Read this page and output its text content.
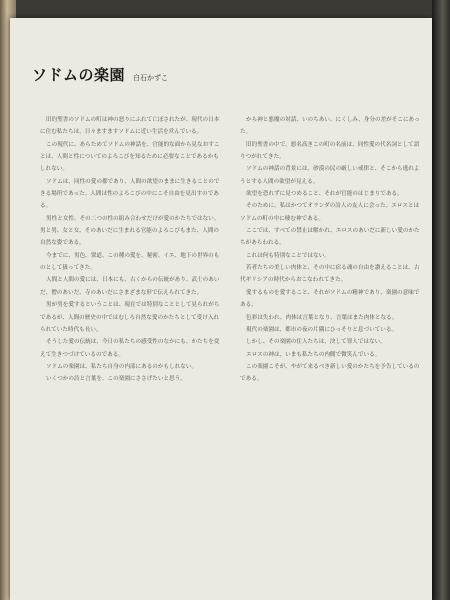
ソドムの楽園 白石かずこ

旧約聖書のソドムの町は神の怒りにふれて亡ぼされたが、現代の日本に住む私たちは、日々ますますソドムに近い生活を営んでいる。

この現代に、あらためてソドムの神話を、官能的な面から見なおすことは、人間と性についてのよろこびを知るために必要なことであるかもしれない。

ソドムは、同性の愛の都であり、人間の欲望のままに生きることのできる場所であった。人間は性のよろこびの中にこそ自由を見出すのである。

男性と女性、その二つの性の組み合わせだけが愛のかたちではない。男と男、女と女、そのあいだに生まれる官能のよろこびもまた、人間の自然な姿である。

今までに、男色、衆道、この種の愛を、秘密、イエ、地下の世界のものとして扱ってきた。

人間と人間の愛には、日本にも、古くからの伝統があり、武士のあいだ、僧のあいだ、寺のあいだにさまざまな形で伝えられてきた。

男が男を愛するということは、現在では特別なこととして見られがちであるが、人間の歴史の中ではむしろ自然な愛のかたちとして受け入れられていた時代も長い。

そうした愛の伝統は、今日の私たちの感受性のなかにも、かたちを変えて生きつづけているのである。

ソドムの楽園は、私たち自身の内部にあるのかもしれない。

いくつかの詩と言葉を、この楽園にささげたいと思う。

から神と悪魔の対話、いのちあい、にくしみ、身分の差がそこにあった。

旧約聖書の中で、悪名高きこの町の名前は、同性愛の代名詞として語りつがれてきた。

ソドムの神話の背景には、砂漠の民の厳しい戒律と、そこから逃れようとする人間の欲望が見える。

欲望を恐れずに見つめること、それが官能のはじまりである。

そのために、私はかつてオランダの詩人の友人に会った。エロスとはソドムの町の中に棲む神である。

ここでは、すべての禁止は解かれ、エロスのあいだに新しい愛のかたちがあらわれる。

これは何も特別なことではない。

若者たちの美しい肉体と、その中に宿る魂の自由を讃えることは、古代ギリシアの時代からおこなわれてきた。

愛するものを愛すること、それがソドムの精神であり、楽園の意味である。

色彩は失われ、肉体は言葉となり、言葉はまた肉体となる。

現代の楽園は、都市の夜の片隅にひっそりと息づいている。

しかし、その楽園の住人たちは、決して罪人ではない。

エロスの神は、いまも私たちの内側で微笑んでいる。

この楽園こそが、やがて来るべき新しい愛のかたちを予告しているのである。
